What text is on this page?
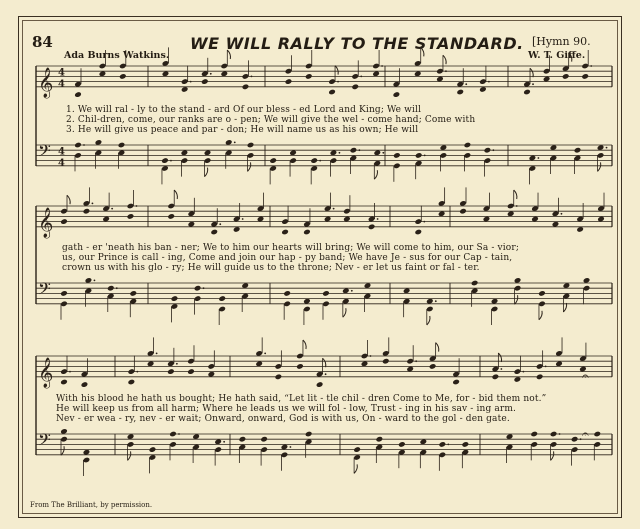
84	WE WILL RALLY TO THE STANDARD. [Hymn 90.
Ada Burns Watkins.	W. T. Giffe.
𝄞 4
4
𝄢 4
4
𝄞
𝄢
𝄞
𝄢
𝄐
𝄐
1. We will ral - ly to the stand - ard Of our bless - ed Lord and King; We will
2. Chil-dren, come, our ranks are o - pen; We will give the wel - come hand; Come with
3. He will give us peace and par - don; He will name us as his own; He will
gath - er 'neath his ban - ner; We to him our hearts will bring; We will come to him, our Sa - vior;
us, our Prince is call - ing, Come and join our hap - py band; We have Je - sus for our Cap - tain,
crown us with his glo - ry; He will guide us to the throne; Nev - er let us faint or fal - ter.
With his blood he hath us bought; He hath said, “Let lit - tle chil - dren Come to Me, for - bid them not.”
He will keep us from all harm; Where he leads us we will fol - low, Trust - ing in his sav - ing arm.
Nev - er wea - ry, nev - er wait; Onward, onward, God is with us, On - ward to the gol - den gate.
From The Brilliant, by permission.
